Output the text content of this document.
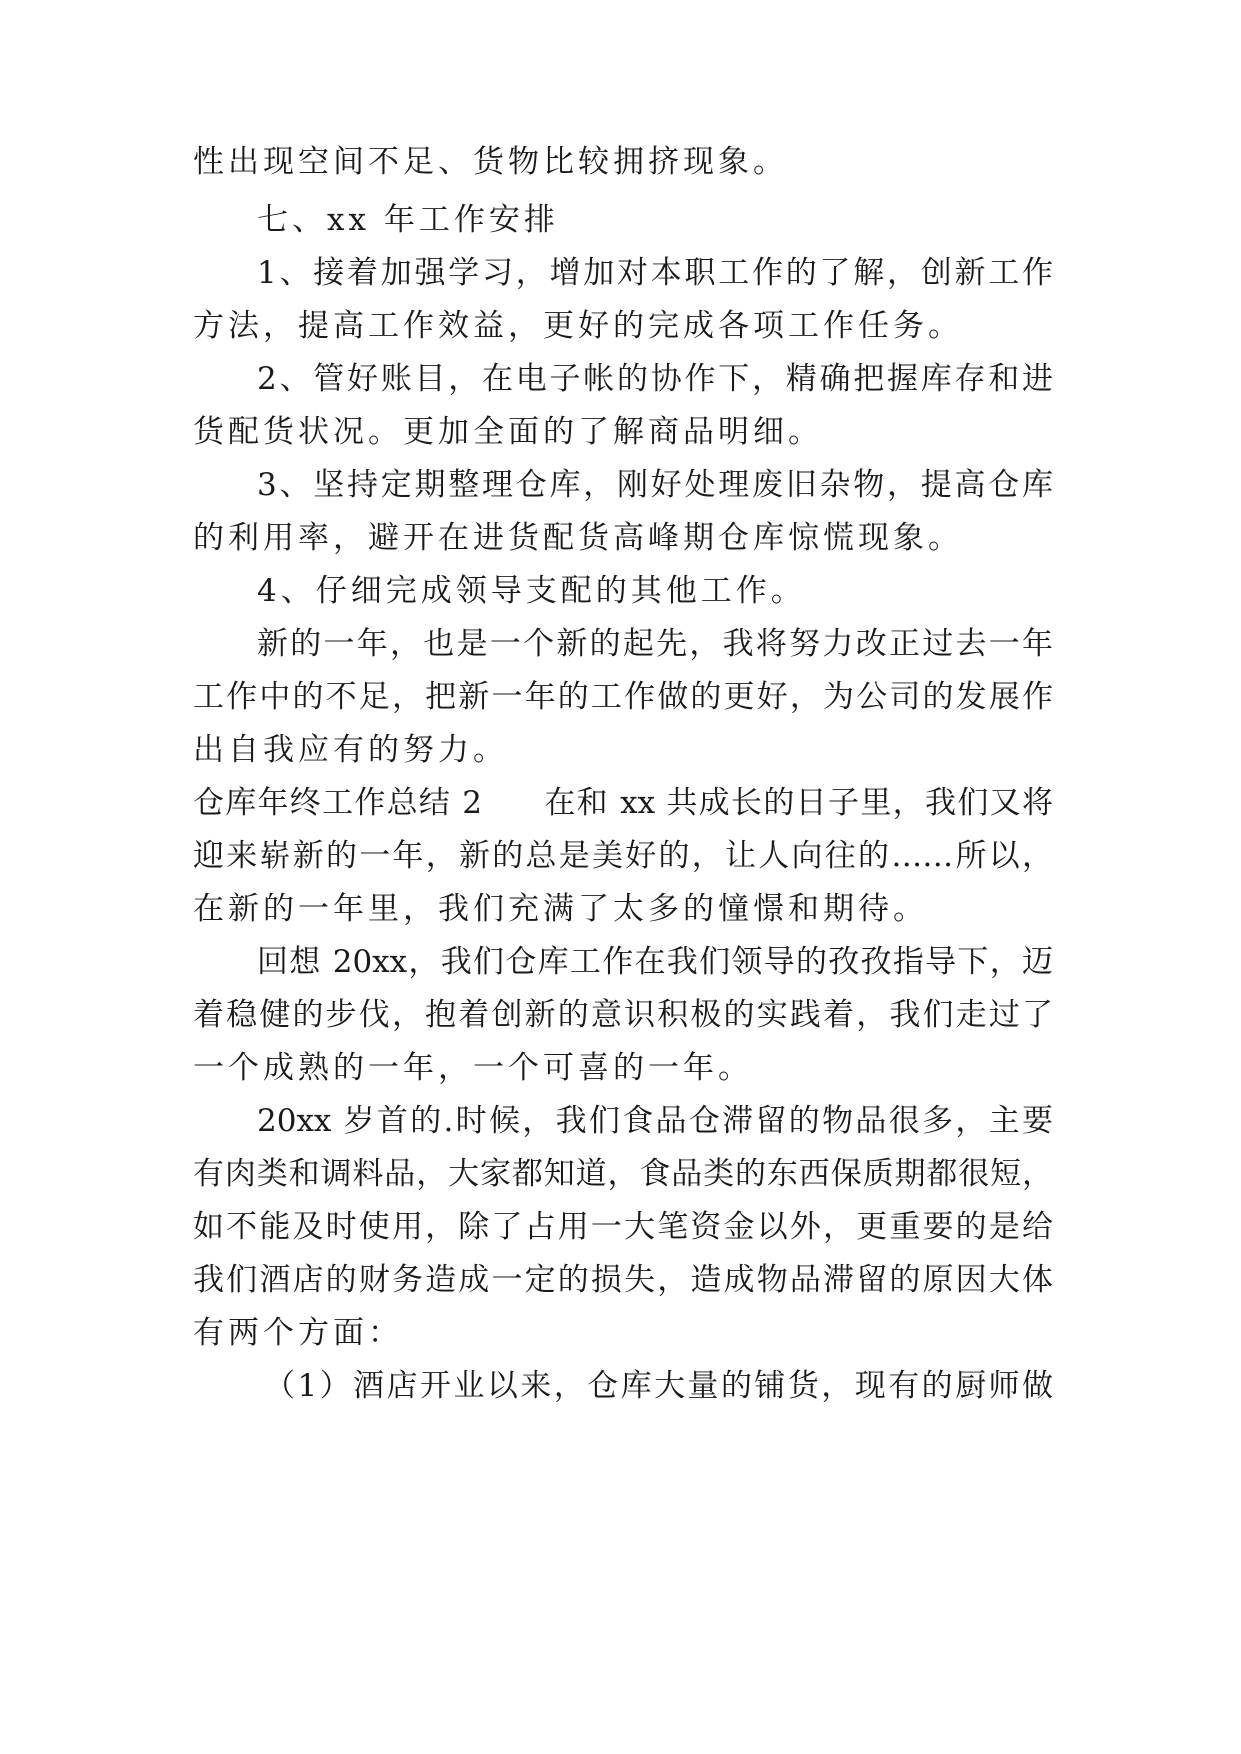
性出现空间不足、货物比较拥挤现象。
七、xx 年工作安排
1、接着加强学习，增加对本职工作的了解，创新工作
方法，提高工作效益，更好的完成各项工作任务。
2、管好账目，在电子帐的协作下，精确把握库存和进
货配货状况。更加全面的了解商品明细。
3、坚持定期整理仓库，刚好处理废旧杂物，提高仓库
的利用率，避开在进货配货高峰期仓库惊慌现象。
4、仔细完成领导支配的其他工作。
新的一年，也是一个新的起先，我将努力改正过去一年
工作中的不足，把新一年的工作做的更好，为公司的发展作
出自我应有的努力。
仓库年终工作总结 2 在和 xx 共成长的日子里，我们又将
迎来崭新的一年，新的总是美好的，让人向往的……所以，
在新的一年里，我们充满了太多的憧憬和期待。
回想 20xx，我们仓库工作在我们领导的孜孜指导下，迈
着稳健的步伐，抱着创新的意识积极的实践着，我们走过了
一个成熟的一年，一个可喜的一年。
20xx 岁首的.时候，我们食品仓滞留的物品很多，主要
有肉类和调料品，大家都知道，食品类的东西保质期都很短，
如不能及时使用，除了占用一大笔资金以外，更重要的是给
我们酒店的财务造成一定的损失，造成物品滞留的原因大体
有两个方面：
（1）酒店开业以来，仓库大量的铺货，现有的厨师做
